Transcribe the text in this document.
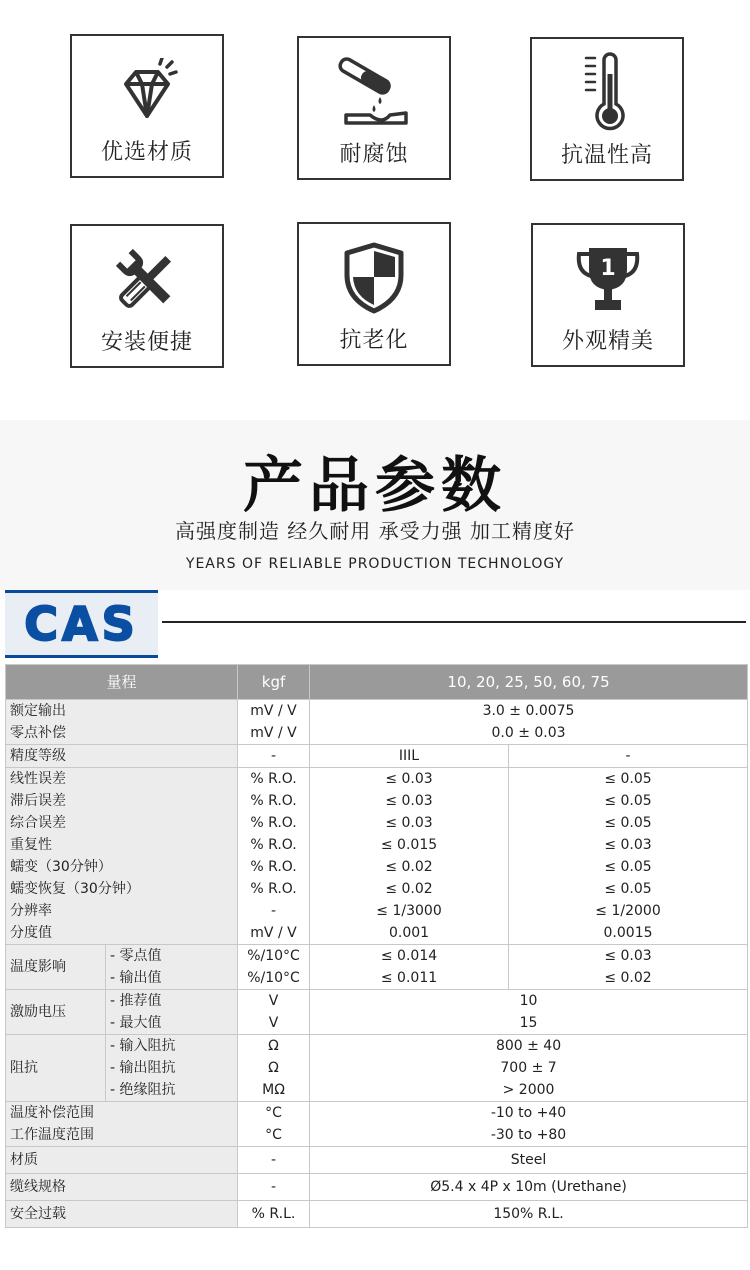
优选材质	耐腐蚀	抗温性高
安装便捷	抗老化
1
外观精美
产品参数
高强度制造 经久耐用 承受力强 加工精度好
YEARS OF RELIABLE PRODUCTION TECHNOLOGY
CAS
量程		kgf	10, 20, 25, 50, 60, 75	
额定输出		mV / V	3.0 ± 0.0075	
零点补偿		mV / V	0.0 ± 0.03	
精度等级		-	IIIL	-
线性误差		% R.O.	≤ 0.03	≤ 0.05
滞后误差		% R.O.	≤ 0.03	≤ 0.05
综合误差		% R.O.	≤ 0.03	≤ 0.05
重复性		% R.O.	≤ 0.015	≤ 0.03
蠕变（30分钟）		% R.O.	≤ 0.02	≤ 0.05
蠕变恢复（30分钟）		% R.O.	≤ 0.02	≤ 0.05
分辨率		-	≤ 1/3000	≤ 1/2000
分度值		mV / V	0.001	0.0015
温度影响	- 零点值	%/10°C	≤ 0.014	≤ 0.03
	- 输出值	%/10°C	≤ 0.011	≤ 0.02
激励电压	- 推荐值	V	10	
	- 最大值	V	15	
阻抗	- 输入阻抗	Ω	800 ± 40	
	- 输出阻抗	Ω	700 ± 7	
	- 绝缘阻抗	MΩ	> 2000	
温度补偿范围		°C	-10 to +40	
工作温度范围		°C	-30 to +80	
材质		-	Steel	
缆线规格		-	Ø5.4 x 4P x 10m (Urethane)	
安全过载		% R.L.	150% R.L.	
